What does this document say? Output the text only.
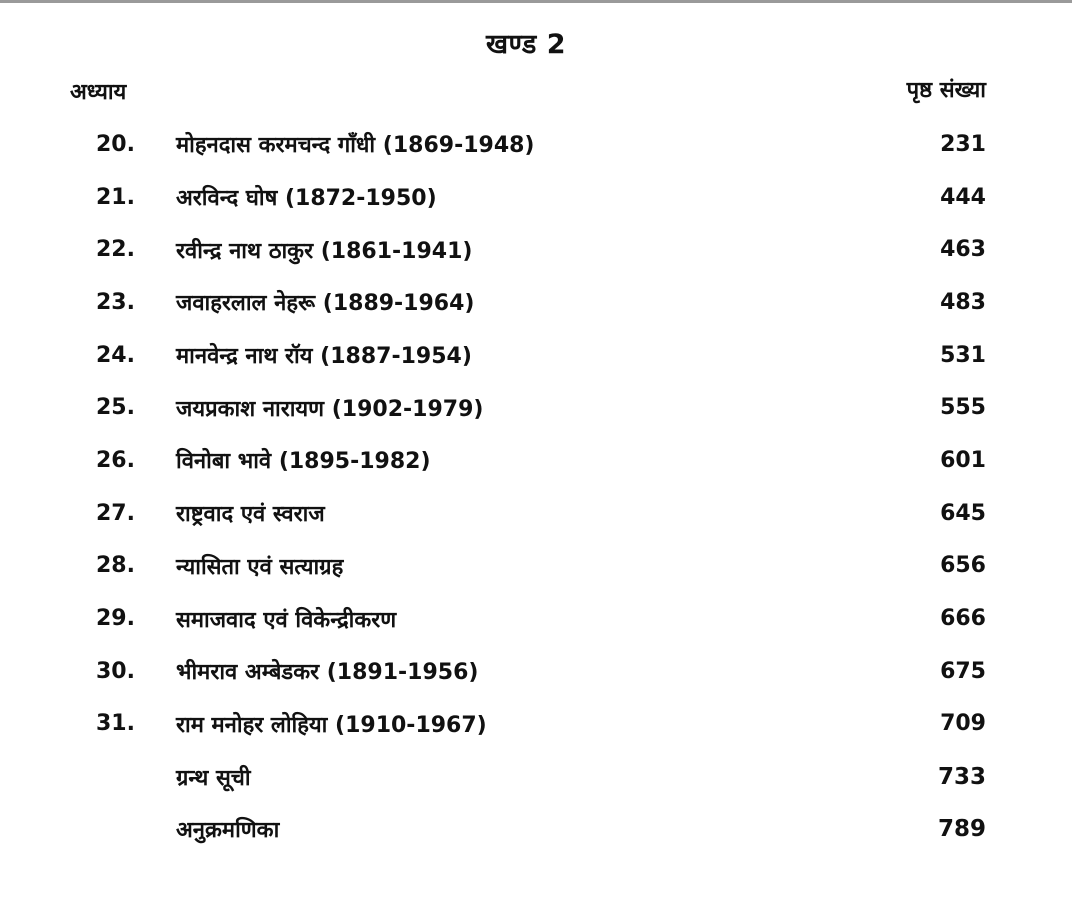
खण्ड 2
अध्याय	पृष्ठ संख्या
20.	मोहनदास करमचन्द गाँधी (1869-1948)	231
21.	अरविन्द घोष (1872-1950)	444
22.	रवीन्द्र नाथ ठाकुर (1861-1941)	463
23.	जवाहरलाल नेहरू (1889-1964)	483
24.	मानवेन्द्र नाथ रॉय (1887-1954)	531
25.	जयप्रकाश नारायण (1902-1979)	555
26.	विनोबा भावे (1895-1982)	601
27.	राष्ट्रवाद एवं स्वराज	645
28.	न्यासिता एवं सत्याग्रह	656
29.	समाजवाद एवं विकेन्द्रीकरण	666
30.	भीमराव अम्बेडकर (1891-1956)	675
31.	राम मनोहर लोहिया (1910-1967)	709
ग्रन्थ सूची	733
अनुक्रमणिका	789
